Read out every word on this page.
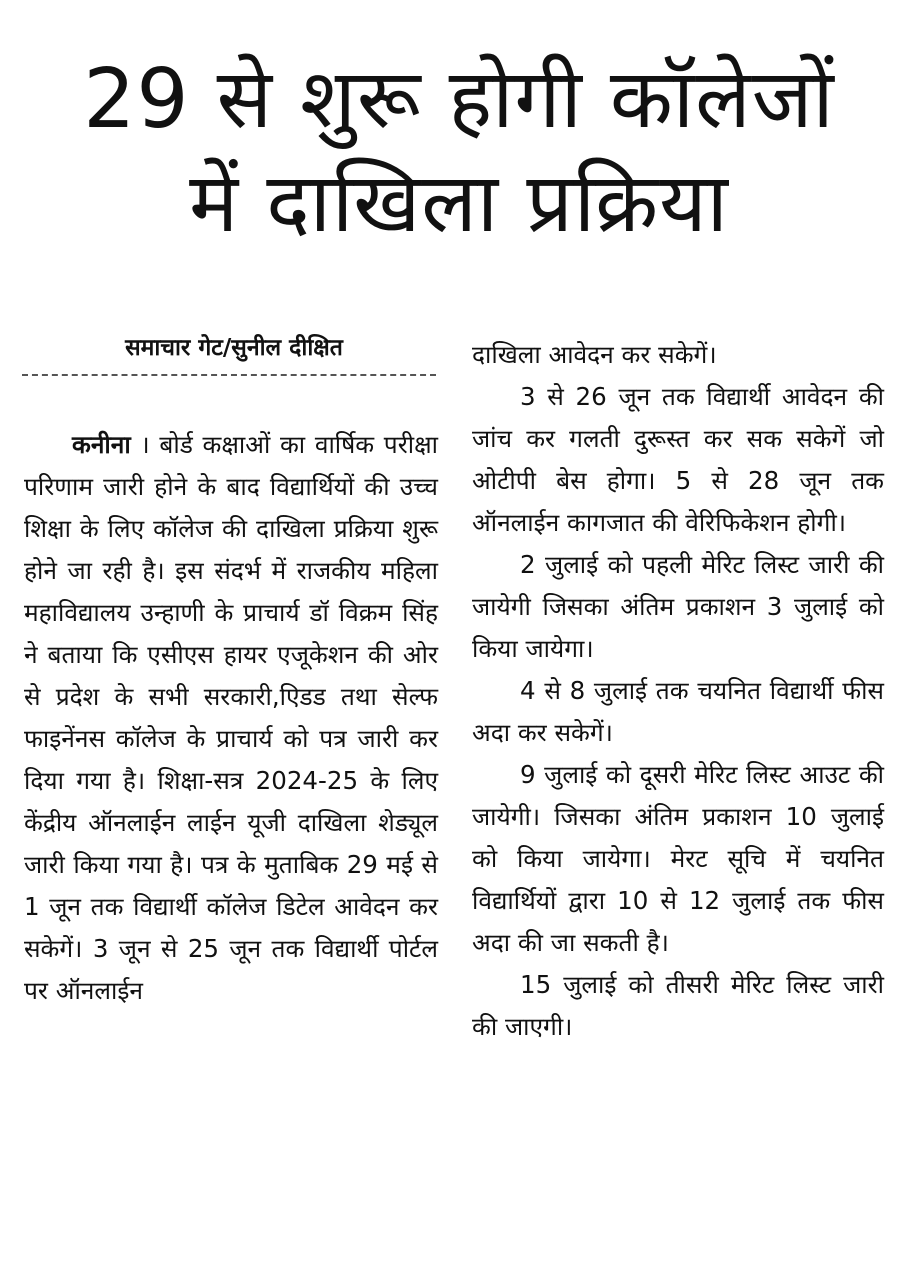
29 से शुरू होगी कॉलेजों
में दाखिला प्रक्रिया
समाचार गेट/सुनील दीक्षित

कनीना । बोर्ड कक्षाओं का वार्षिक परीक्षा परिणाम जारी होने के बाद विद्यार्थियों की उच्च शिक्षा के लिए कॉलेज की दाखिला प्रक्रिया शुरू होने जा रही है। इस संदर्भ में राजकीय महिला महाविद्यालय उन्हाणी के प्राचार्य डॉ विक्रम सिंह ने बताया कि एसीएस हायर एजूकेशन की ओर से प्रदेश के सभी सरकारी,एिडड तथा सेल्फ फाइनेंनस कॉलेज के प्राचार्य को पत्र जारी कर दिया गया है। शिक्षा-सत्र 2024-25 के लिए केंद्रीय ऑनलाईन लाईन यूजी दाखिला शेड्यूल जारी किया गया है। पत्र के मुताबिक 29 मई से 1 जून तक विद्यार्थी कॉलेज डिटेल आवेदन कर सकेगें। 3 जून से 25 जून तक विद्यार्थी पोर्टल पर ऑनलाईन

दाखिला आवेदन कर सकेगें।

3 से 26 जून तक विद्यार्थी आवेदन की जांच कर गलती दुरूस्त कर सक सकेगें जो ओटीपी बेस होगा। 5 से 28 जून तक ऑनलाईन कागजात की वेरिफिकेशन होगी।

2 जुलाई को पहली मेरिट लिस्ट जारी की जायेगी जिसका अंतिम प्रकाशन 3 जुलाई को किया जायेगा।

4 से 8 जुलाई तक चयनित विद्यार्थी फीस अदा कर सकेगें।

9 जुलाई को दूसरी मेरिट लिस्ट आउट की जायेगी। जिसका अंतिम प्रकाशन 10 जुलाई को किया जायेगा। मेरट सूचि में चयनित विद्यार्थियों द्वारा 10 से 12 जुलाई तक फीस अदा की जा सकती है।

15 जुलाई को तीसरी मेरिट लिस्ट जारी की जाएगी।
